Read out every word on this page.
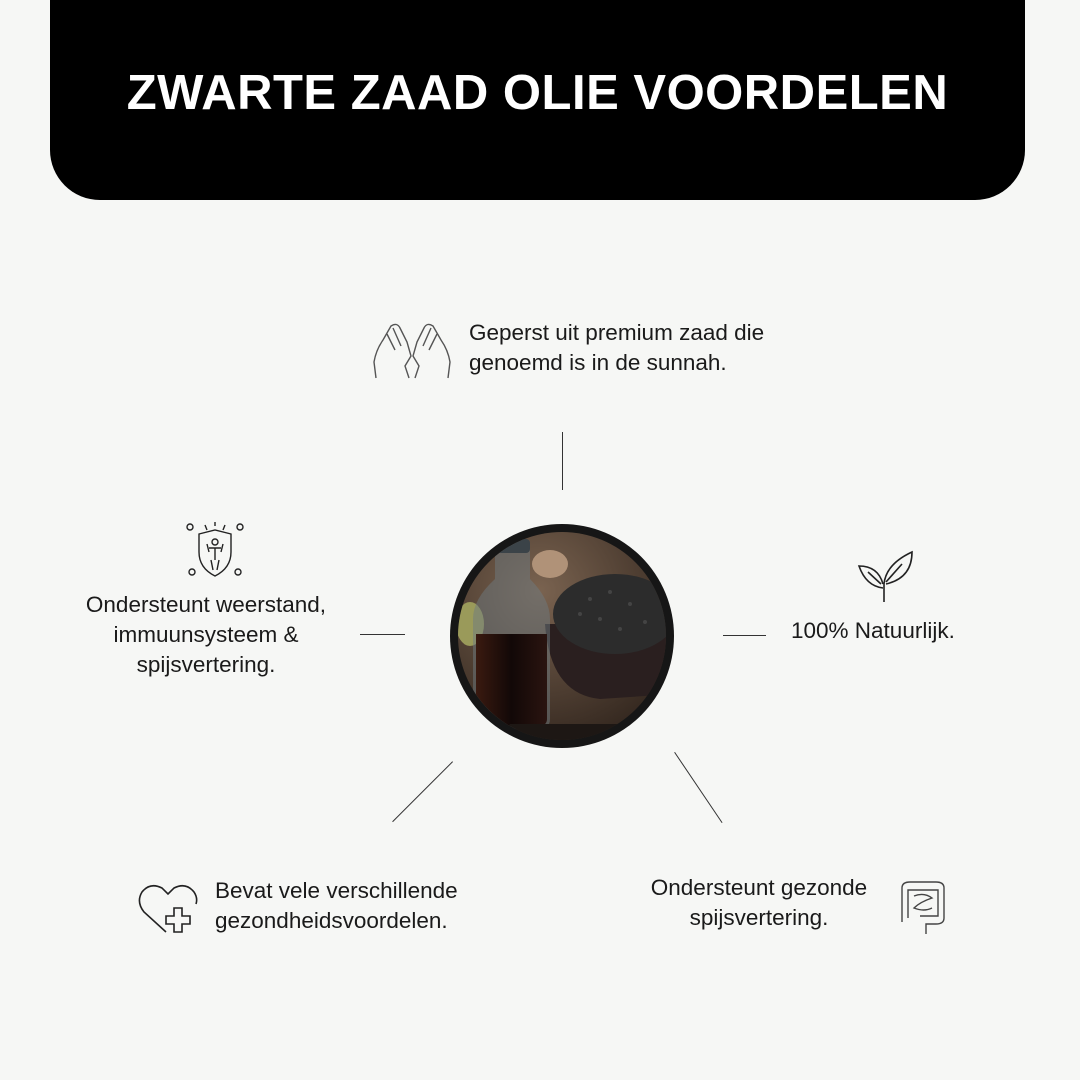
ZWARTE ZAAD OLIE VOORDELEN
Geperst uit premium zaad die
genoemd is in de sunnah.
Ondersteunt weerstand,
immuunsysteem &
spijsvertering.
100% Natuurlijk.
Bevat vele verschillende
gezondheidsvoordelen.
Ondersteunt gezonde
spijsvertering.
